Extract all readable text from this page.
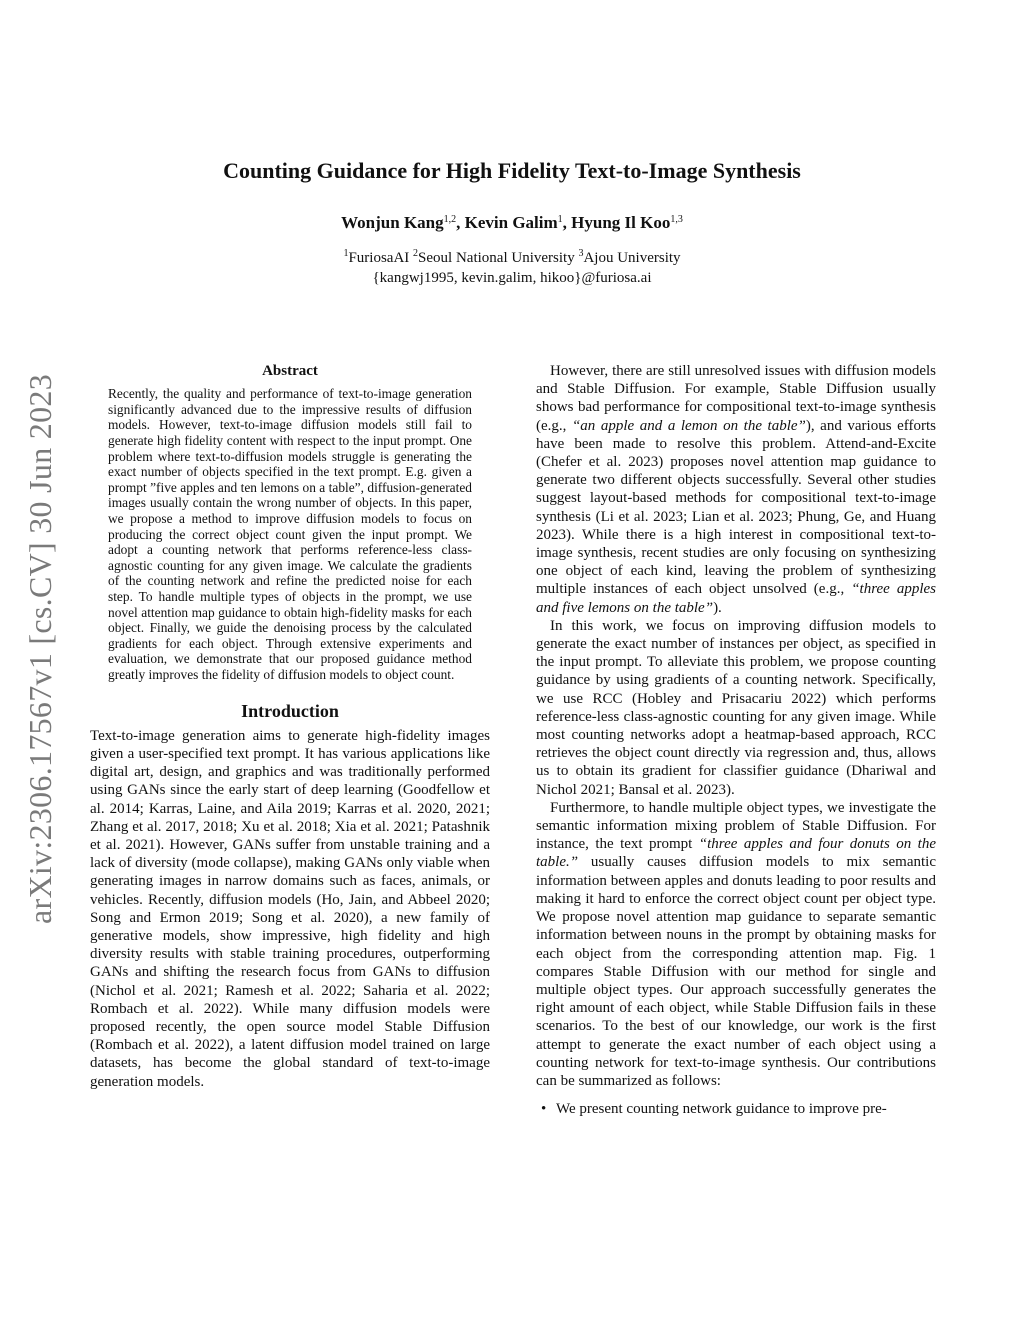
Counting Guidance for High Fidelity Text-to-Image Synthesis
Wonjun Kang$^{1,2}$, Kevin Galim$^1$, Hyung Il Koo$^{1,3}$
$^1$FuriosaAI $^2$Seoul National University $^3$Ajou University
{kangwj1995, kevin.galim, hikoo}@furiosa.ai
arXiv:2306.17567v1 [cs.CV] 30 Jun 2023
Abstract

Recently, the quality and performance of text-to-image generation significantly advanced due to the impressive results of diffusion models. However, text-to-image diffusion models still fail to generate high fidelity content with respect to the input prompt. One problem where text-to-diffusion models struggle is generating the exact number of objects specified in the text prompt. E.g. given a prompt ”five apples and ten lemons on a table”, diffusion-generated images usually contain the wrong number of objects. In this paper, we propose a method to improve diffusion models to focus on producing the correct object count given the input prompt. We adopt a counting network that performs reference-less class-agnostic counting for any given image. We calculate the gradients of the counting network and refine the predicted noise for each step. To handle multiple types of objects in the prompt, we use novel attention map guidance to obtain high-fidelity masks for each object. Finally, we guide the denoising process by the calculated gradients for each object. Through extensive experiments and evaluation, we demonstrate that our proposed guidance method greatly improves the fidelity of diffusion models to object count.

Introduction

Text-to-image generation aims to generate high-fidelity images given a user-specified text prompt. It has various applications like digital art, design, and graphics and was traditionally performed using GANs since the early start of deep learning (Goodfellow et al. 2014; Karras, Laine, and Aila 2019; Karras et al. 2020, 2021; Zhang et al. 2017, 2018; Xu et al. 2018; Xia et al. 2021; Patashnik et al. 2021). However, GANs suffer from unstable training and a lack of diversity (mode collapse), making GANs only viable when generating images in narrow domains such as faces, animals, or vehicles. Recently, diffusion models (Ho, Jain, and Abbeel 2020; Song and Ermon 2019; Song et al. 2020), a new family of generative models, show impressive, high fidelity and high diversity results with stable training procedures, outperforming GANs and shifting the research focus from GANs to diffusion (Nichol et al. 2021; Ramesh et al. 2022; Saharia et al. 2022; Rombach et al. 2022). While many diffusion models were proposed recently, the open source model Stable Diffusion (Rombach et al. 2022), a latent diffusion model trained on large datasets, has become the global standard of text-to-image generation models.

However, there are still unresolved issues with diffusion models and Stable Diffusion. For example, Stable Diffusion usually shows bad performance for compositional text-to-image synthesis (e.g., “an apple and a lemon on the table”), and various efforts have been made to resolve this problem. Attend-and-Excite (Chefer et al. 2023) proposes novel attention map guidance to generate two different objects successfully. Several other studies suggest layout-based methods for compositional text-to-image synthesis (Li et al. 2023; Lian et al. 2023; Phung, Ge, and Huang 2023). While there is a high interest in compositional text-to-image synthesis, recent studies are only focusing on synthesizing one object of each kind, leaving the problem of synthesizing multiple instances of each object unsolved (e.g., “three apples and five lemons on the table”).

In this work, we focus on improving diffusion models to generate the exact number of instances per object, as specified in the input prompt. To alleviate this problem, we propose counting guidance by using gradients of a counting network. Specifically, we use RCC (Hobley and Prisacariu 2022) which performs reference-less class-agnostic counting for any given image. While most counting networks adopt a heatmap-based approach, RCC retrieves the object count directly via regression and, thus, allows us to obtain its gradient for classifier guidance (Dhariwal and Nichol 2021; Bansal et al. 2023).

Furthermore, to handle multiple object types, we investigate the semantic information mixing problem of Stable Diffusion. For instance, the text prompt “three apples and four donuts on the table.” usually causes diffusion models to mix semantic information between apples and donuts leading to poor results and making it hard to enforce the correct object count per object type. We propose novel attention map guidance to separate semantic information between nouns in the prompt by obtaining masks for each object from the corresponding attention map. Fig. 1 compares Stable Diffusion with our method for single and multiple object types. Our approach successfully generates the right amount of each object, while Stable Diffusion fails in these scenarios. To the best of our knowledge, our work is the first attempt to generate the exact number of each object using a counting network for text-to-image synthesis. Our contributions can be summarized as follows:

• We present counting network guidance to improve pre-
